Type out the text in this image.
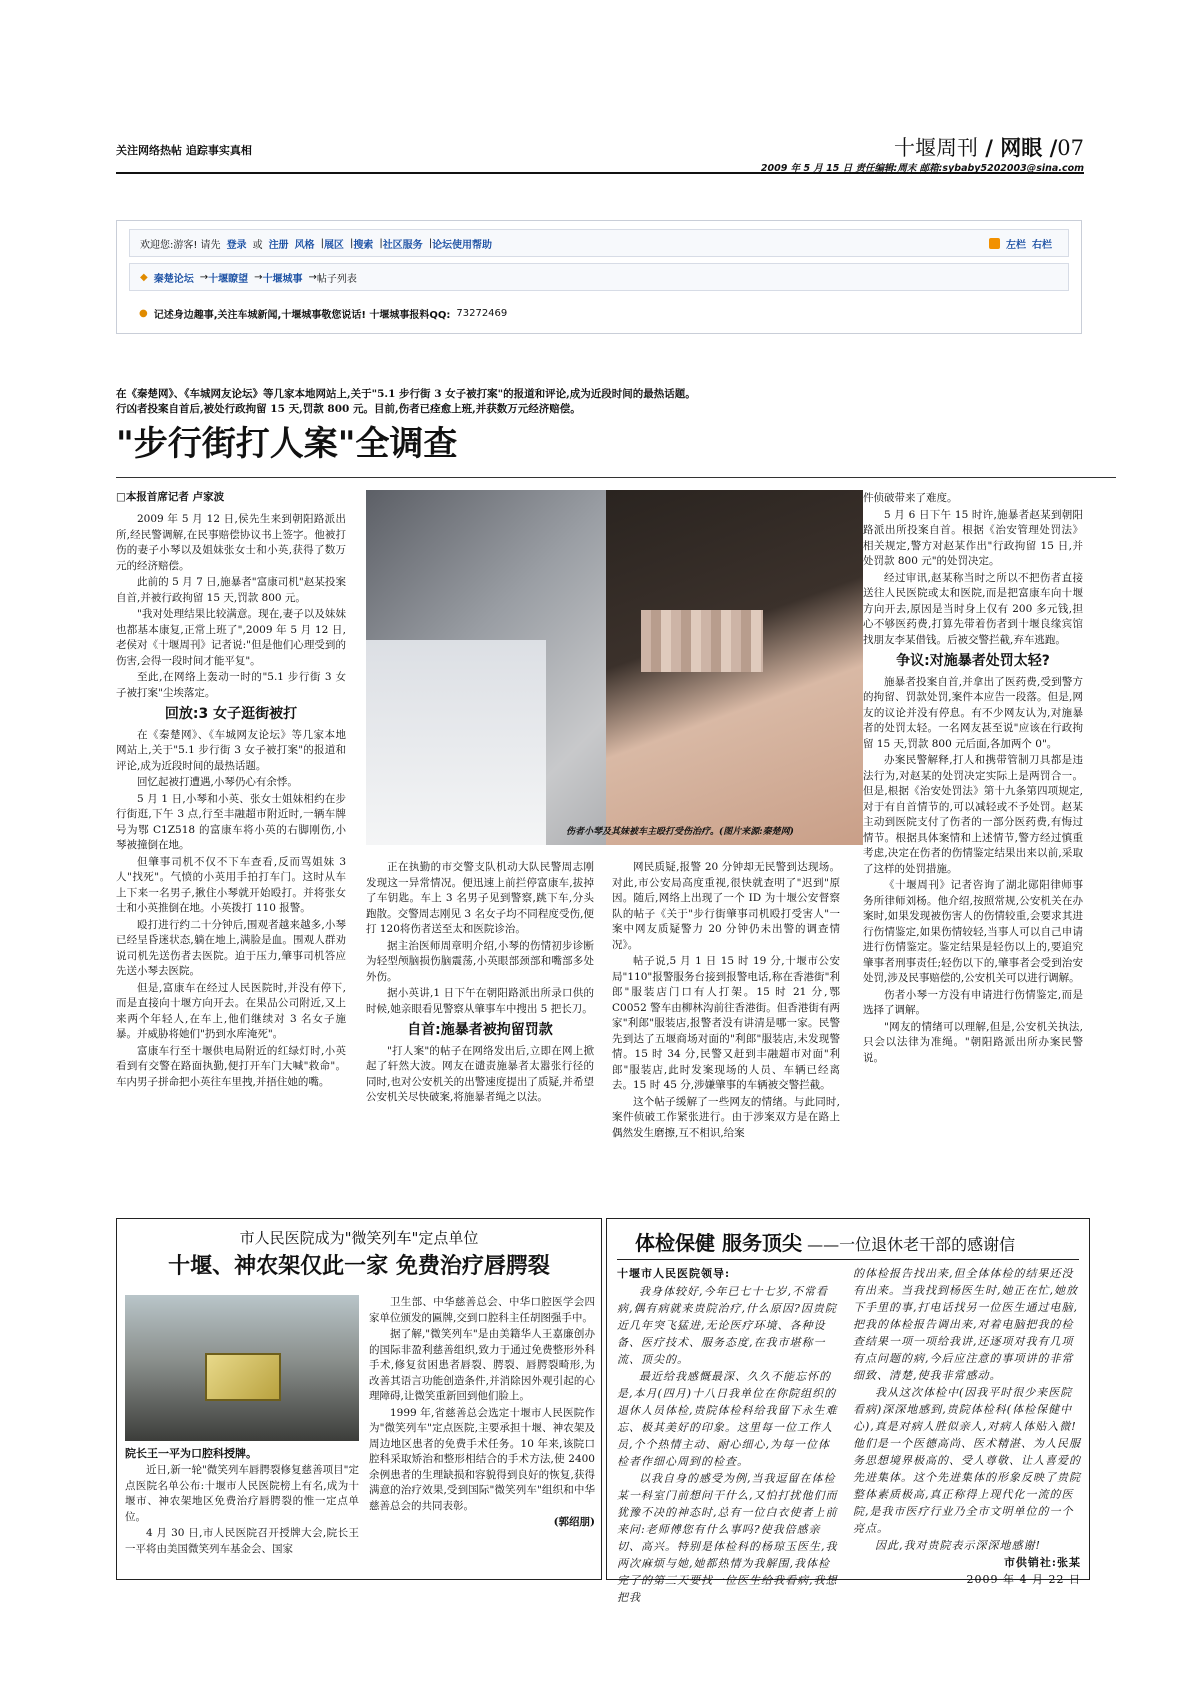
关注网络热帖 追踪事实真相	十堰周刊 / 网眼 /07
2009 年 5 月 15 日 责任编辑:周末 邮箱:sybaby5202003@sina.com
欢迎您:游客! 请先 登录 或 注册 风格 | 展区 | 搜索 | 社区服务 | 论坛使用帮助	左栏 右栏
◆ 秦楚论坛 → 十堰瞭望 → 十堰城事 → 帖子列表
● 记述身边趣事,关注车城新闻,十堰城事敬您说话! 十堰城事报料QQ: 73272469
在《秦楚网》、《车城网友论坛》等几家本地网站上,关于"5.1 步行街 3 女子被打案"的报道和评论,成为近段时间的最热话题。
行凶者投案自首后,被处行政拘留 15 天,罚款 800 元。目前,伤者已痊愈上班,并获数万元经济赔偿。
"步行街打人案"全调查
□本报首席记者 卢家波
伤者小琴及其妹被车主殴打受伤治疗。(图片来源:秦楚网)

2009 年 5 月 12 日,侯先生来到朝阳路派出所,经民警调解,在民事赔偿协议书上签字。他被打伤的妻子小琴以及姐妹张女士和小英,获得了数万元的经济赔偿。

此前的 5 月 7 日,施暴者"富康司机"赵某投案自首,并被行政拘留 15 天,罚款 800 元。

"我对处理结果比较满意。现在,妻子以及妹妹也都基本康复,正常上班了",2009 年 5 月 12 日,老侯对《十堰周刊》记者说:"但是他们心理受到的伤害,会得一段时间才能平复"。

至此,在网络上轰动一时的"5.1 步行街 3 女子被打案"尘埃落定。

回放:3 女子逛街被打

在《秦楚网》、《车城网友论坛》等几家本地网站上,关于"5.1 步行街 3 女子被打案"的报道和评论,成为近段时间的最热话题。

回忆起被打遭遇,小琴仍心有余悸。

5 月 1 日,小琴和小英、张女士姐妹相约在步行街逛,下午 3 点,行至丰融超市附近时,一辆车牌号为鄂 C1Z518 的富康车将小英的右脚刚伤,小琴被撞倒在地。

但肇事司机不仅不下车查看,反而骂姐妹 3 人"找死"。气愤的小英用手拍打车门。这时从车上下来一名男子,揪住小琴就开始殴打。并将张女士和小英推倒在地。小英拨打 110 报警。

殴打进行约二十分钟后,围观者越来越多,小琴已经呈昏迷状态,躺在地上,满脸是血。围观人群劝说司机先送伤者去医院。迫于压力,肇事司机答应先送小琴去医院。

但是,富康车在经过人民医院时,并没有停下,而是直接向十堰方向开去。在果品公司附近,又上来两个年轻人,在车上,他们继续对 3 名女子施暴。并威胁将她们"扔到水库淹死"。

富康车行至十堰供电局附近的红绿灯时,小英看到有交警在路面执勤,便打开车门大喊"救命"。车内男子拼命把小英往车里拽,并捂住她的嘴。

正在执勤的市交警支队机动大队民警周志刚发现这一异常情况。便迅速上前拦停富康车,拔掉了车钥匙。车上 3 名男子见到警察,跳下车,分头跑散。交警周志刚见 3 名女子均不同程度受伤,便打 120将伤者送至太和医院诊治。

据主治医师周章明介绍,小琴的伤情初步诊断为轻型颅脑损伤脑震荡,小英眼部颈部和嘴部多处外伤。

据小英讲,1 日下午在朝阳路派出所录口供的时候,她亲眼看见警察从肇事车中搜出 5 把长刀。

自首:施暴者被拘留罚款

"打人案"的帖子在网络发出后,立即在网上掀起了轩然大波。网友在谴责施暴者太嚣张行径的同时,也对公安机关的出警速度提出了质疑,并希望公安机关尽快破案,将施暴者绳之以法。

网民质疑,报警 20 分钟却无民警到达现场。对此,市公安局高度重视,很快就查明了"迟到"原因。随后,网络上出现了一个 ID 为十堰公安督察队的帖子《关于"步行街肇事司机殴打受害人"一案中网友质疑警力 20 分钟仍未出警的调查情况》。

帖子说,5 月 1 日 15 时 19 分,十堰市公安局"110"报警服务台接到报警电话,称在香港街"利郎"服装店门口有人打架。15 时 21 分,鄂 C0052 警车由柳林沟前往香港街。但香港街有两家"利郎"服装店,报警者没有讲清是哪一家。民警先到达了五堰商场对面的"利郎"服装店,未发现警情。15 时 34 分,民警又赶到丰融超市对面"利郎"服装店,此时发案现场的人员、车辆已经离去。15 时 45 分,涉嫌肇事的车辆被交警拦截。

这个帖子缓解了一些网友的情绪。与此同时,案件侦破工作紧张进行。由于涉案双方是在路上偶然发生磨擦,互不相识,给案

件侦破带来了难度。

5 月 6 日下午 15 时许,施暴者赵某到朝阳路派出所投案自首。根据《治安管理处罚法》相关规定,警方对赵某作出"行政拘留 15 日,并处罚款 800 元"的处罚决定。

经过审讯,赵某称当时之所以不把伤者直接送往人民医院或太和医院,而是把富康车向十堰方向开去,原因是当时身上仅有 200 多元钱,担心不够医药费,打算先带着伤者到十堰良缘宾馆找朋友李某借钱。后被交警拦截,弃车逃跑。

争议:对施暴者处罚太轻?

施暴者投案自首,并拿出了医药费,受到警方的拘留、罚款处罚,案件本应告一段落。但是,网友的议论并没有停息。有不少网友认为,对施暴者的处罚太轻。一名网友甚至说"应该在行政拘留 15 天,罚款 800 元后面,各加两个 0"。

办案民警解释,打人和携带管制刀具都是违法行为,对赵某的处罚决定实际上是两罚合一。但是,根据《治安处罚法》第十九条第四项规定,对于有自首情节的,可以减轻或不予处罚。赵某主动到医院支付了伤者的一部分医药费,有悔过情节。根据具体案情和上述情节,警方经过慎重考虑,决定在伤者的伤情鉴定结果出来以前,采取了这样的处罚措施。

《十堰周刊》记者咨询了湖北郧阳律师事务所律师刘杨。他介绍,按照常规,公安机关在办案时,如果发现被伤害人的伤情较重,会要求其进行伤情鉴定,如果伤情较轻,当事人可以自己申请进行伤情鉴定。鉴定结果是轻伤以上的,要追究肇事者刑事责任;轻伤以下的,肇事者会受到治安处罚,涉及民事赔偿的,公安机关可以进行调解。

伤者小琴一方没有申请进行伤情鉴定,而是选择了调解。

"网友的情绪可以理解,但是,公安机关执法,只会以法律为准绳。"朝阳路派出所办案民警说。

市人民医院成为"微笑列车"定点单位
十堰、神农架仅此一家 免费治疗唇腭裂
院长王一平为口腔科授牌。

近日,新一轮"微笑列车唇腭裂修复慈善项目"定点医院名单公布:十堰市人民医院榜上有名,成为十堰市、神农架地区免费治疗唇腭裂的惟一定点单位。

4 月 30 日,市人民医院召开授牌大会,院长王一平将由美国微笑列车基金会、国家

卫生部、中华慈善总会、中华口腔医学会四家单位颁发的匾牌,交到口腔科主任胡图强手中。

据了解,"微笑列车"是由美籍华人王嘉廉创办的国际非盈利慈善组织,致力于通过免费整形外科手术,修复贫困患者唇裂、腭裂、唇腭裂畸形,为改善其语言功能创造条件,并消除因外观引起的心理障碍,让微笑重新回到他们脸上。

1999 年,省慈善总会选定十堰市人民医院作为"微笑列车"定点医院,主要承担十堰、神农架及周边地区患者的免费手术任务。10 年来,该院口腔科采取矫治和整形相结合的手术方法,使 2400 余例患者的生理缺损和容貌得到良好的恢复,获得满意的治疗效果,受到国际"微笑列车"组织和中华慈善总会的共同表彰。

(郭绍朋)
体检保健 服务顶尖 ——一位退休老干部的感谢信
十堰市人民医院领导:

我身体较好,今年已七十七岁,不常看病,偶有病就来贵院治疗,什么原因?因贵院近几年突飞猛进,无论医疗环境、各种设备、医疗技术、服务态度,在我市堪称一流、顶尖的。

最近给我感慨最深、久久不能忘怀的是,本月(四月)十八日我单位在你院组织的退休人员体检,贵院体检科给我留下永生难忘、极其美好的印象。这里每一位工作人员,个个热情主动、耐心细心,为每一位体检者作细心周到的检查。

以我自身的感受为例,当我逗留在体检某一科室门前想问干什么,又怕打扰他们而犹豫不决的神态时,总有一位白衣使者上前来问:老师傅您有什么事吗?使我倍感亲切、高兴。特别是体检科的杨琼玉医生,我两次麻烦与她,她都热情为我解围,我体检完了的第三天要找一位医生给我看病,我想把我

的体检报告找出来,但全体体检的结果还没有出来。当我找到杨医生时,她正在忙,她放下手里的事,打电话找另一位医生通过电脑,把我的体检报告调出来,对着电脑把我的检查结果一项一项给我讲,还逐项对我有几项有点问题的病,今后应注意的事项讲的非常细致、清楚,使我非常感动。

我从这次体检中(因我平时很少来医院看病)深深地感到,贵院体检科(体检保健中心),真是对病人胜似亲人,对病人体贴入微!他们是一个医德高尚、医术精湛、为人民服务思想境界极高的、受人尊敬、让人喜爱的先进集体。这个先进集体的形象反映了贵院整体素质极高,真正称得上现代化一流的医院,是我市医疗行业乃全市文明单位的一个亮点。

因此,我对贵院表示深深地感谢!

市供销社:张某
2009 年 4 月 22 日
